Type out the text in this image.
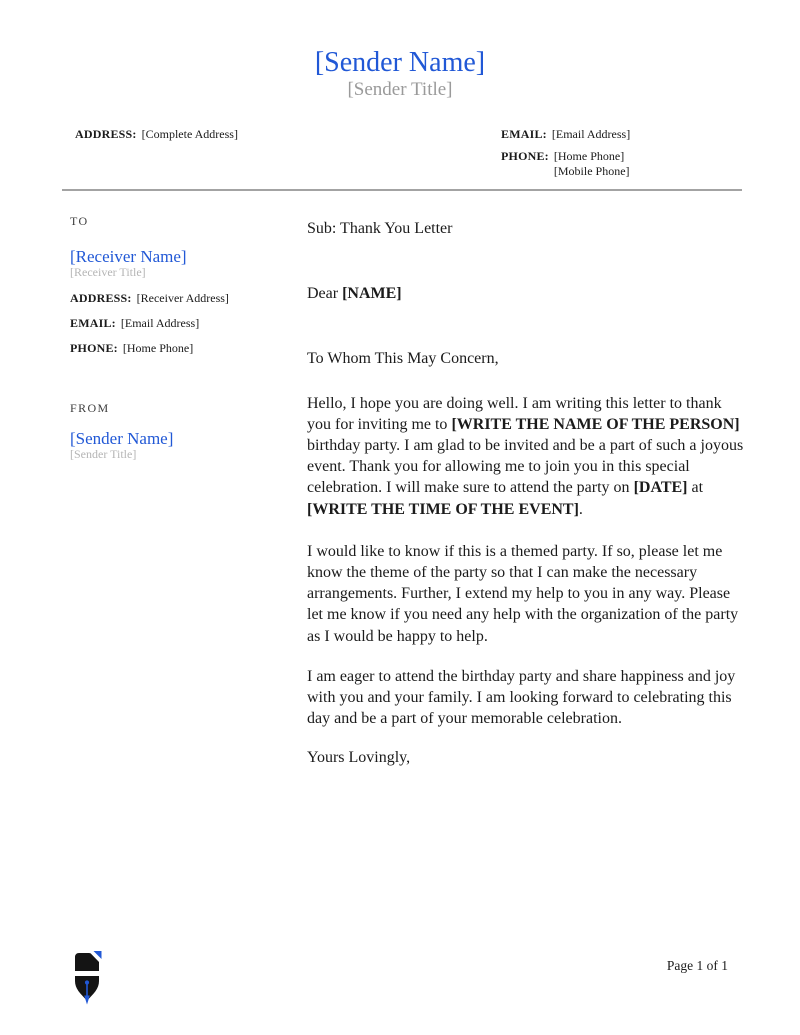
[Sender Name]
[Sender Title]
ADDRESS: [Complete Address]	EMAIL: [Email Address]
PHONE: [Home Phone]
[Mobile Phone]
TO
[Receiver Name]
[Receiver Title]
ADDRESS: [Receiver Address]
EMAIL: [Email Address]
PHONE: [Home Phone]
FROM
[Sender Name]
[Sender Title]

Sub: Thank You Letter

Dear [NAME]

To Whom This May Concern,

Hello, I hope you are doing well. I am writing this letter to thank you for inviting me to [WRITE THE NAME OF THE PERSON]  birthday party. I am glad to be invited and be a part of such a joyous event. Thank you for allowing me to join you in this special celebration. I will make sure to attend the party on [DATE] at [WRITE THE TIME OF THE EVENT].

I would like to know if this is a themed party. If so, please let me know the theme of the party so that I can make the necessary arrangements. Further, I extend my help to you in any way. Please let me know if you need any help with the organization of the party as I would be happy to help.

I am eager to attend the birthday party and share happiness and joy with you and your family. I am looking forward to celebrating this day and be a part of your memorable celebration.

Yours Lovingly,

Page 1 of 1
